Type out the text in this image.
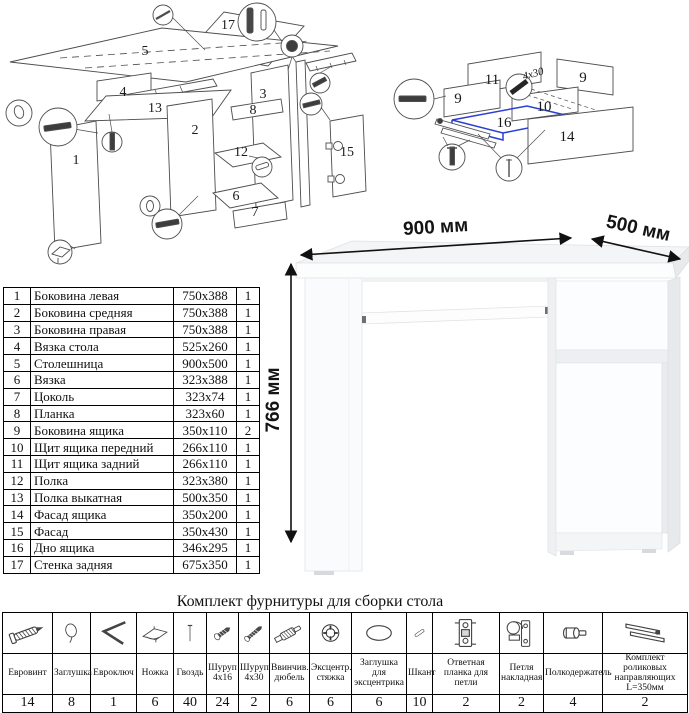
1
2
3
4
5
6
7
8
12
13
15
17
11	9
9	10
16
14
4x30
900 мм	500 мм
766 мм
1	Боковина левая	750x388	1
2	Боковина средняя	750x388	1
3	Боковина правая	750x388	1
4	Вязка стола	525x260	1
5	Столешница	900x500	1
6	Вязка	323x388	1
7	Цоколь	323x74	1
8	Планка	323x60	1
9	Боковина ящика	350x110	2
10	Щит ящика передний	266x110	1
11	Щит ящика задний	266x110	1
12	Полка	323x380	1
13	Полка выкатная	500x350	1
14	Фасад ящика	350x200	1
15	Фасад	350x430	1
16	Дно ящика	346x295	1
17	Стенка задняя	675x350	1
Комплект фурнитуры для сборки стола

Евровинт	Заглушка	Евроключ	Ножка	Гвоздь	Шуруп 4x16	Шуруп 4x30	Ввинчив. дюбель	Эксцентр. стяжка	Заглушка для эксцентрика	Шкант	Ответная планка для петли	Петля накладная	Полкодержатель	Комплект роликовых направляющих L=350мм
14	8	1	6	40	24	2	6	6	6	10	2	2	4	2
